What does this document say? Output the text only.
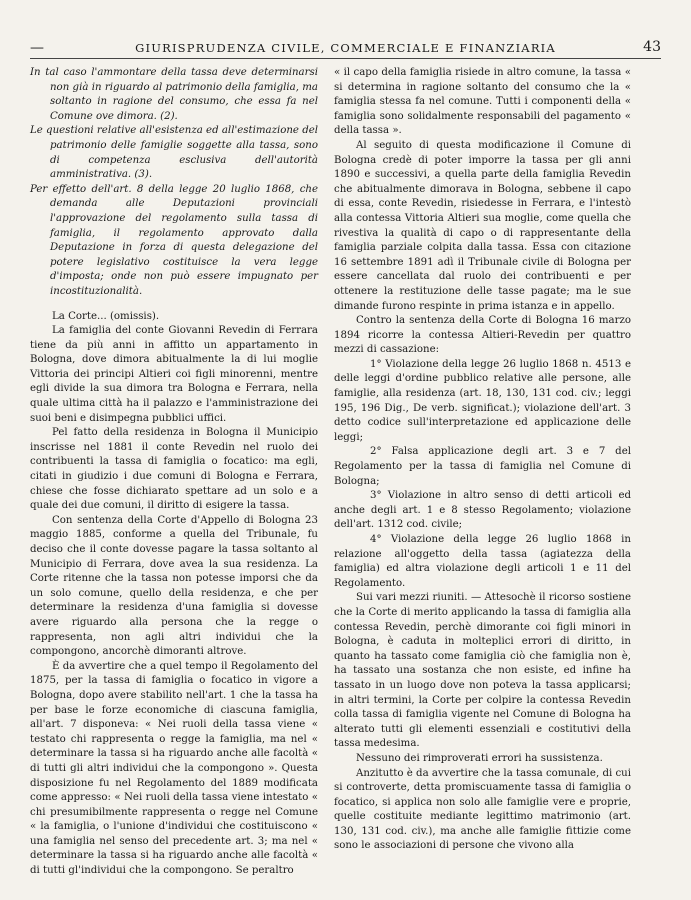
—	GIURISPRUDENZA CIVILE, COMMERCIALE E FINANZIARIA	43

In tal caso l'ammontare della tassa deve determinarsi non già in riguardo al patrimonio della famiglia, ma soltanto in ragione del consumo, che essa fa nel Comune ove dimora. (2).

Le questioni relative all'esistenza ed all'estimazione del patrimonio delle famiglie soggette alla tassa, sono di competenza esclusiva dell'autorità amministrativa. (3).

Per effetto dell'art. 8 della legge 20 luglio 1868, che demanda alle Deputazioni provinciali l'approvazione del regolamento sulla tassa di famiglia, il regolamento approvato dalla Deputazione in forza di questa delegazione del potere legislativo costituisce la vera legge d'imposta; onde non può essere impugnato per incostituzionalità.

La Corte... (omissis).

La famiglia del conte Giovanni Revedin di Ferrara tiene da più anni in affitto un appartamento in Bologna, dove dimora abitualmente la di lui moglie Vittoria dei principi Altieri coi figli minorenni, mentre egli divide la sua dimora tra Bologna e Ferrara, nella quale ultima città ha il palazzo e l'amministrazione dei suoi beni e disimpegna pubblici uffici.

Pel fatto della residenza in Bologna il Municipio inscrisse nel 1881 il conte Revedin nel ruolo dei contribuenti la tassa di famiglia o focatico: ma egli, citati in giudizio i due comuni di Bologna e Ferrara, chiese che fosse dichiarato spettare ad un solo e a quale dei due comuni, il diritto di esigere la tassa.

Con sentenza della Corte d'Appello di Bologna 23 maggio 1885, conforme a quella del Tribunale, fu deciso che il conte dovesse pagare la tassa soltanto al Municipio di Ferrara, dove avea la sua residenza. La Corte ritenne che la tassa non potesse imporsi che da un solo comune, quello della residenza, e che per determinare la residenza d'una famiglia si dovesse avere riguardo alla persona che la regge o rappresenta, non agli altri individui che la compongono, ancorchè dimoranti altrove.

È da avvertire che a quel tempo il Regolamento del 1875, per la tassa di famiglia o focatico in vigore a Bologna, dopo avere stabilito nell'art. 1 che la tassa ha per base le forze economiche di ciascuna famiglia, all'art. 7 disponeva: « Nei ruoli della tassa viene « testato chi rappresenta o regge la famiglia, ma nel « determinare la tassa si ha riguardo anche alle facoltà « di tutti gli altri individui che la compongono ». Questa disposizione fu nel Regolamento del 1889 modificata come appresso: « Nei ruoli della tassa viene intestato « chi presumibilmente rappresenta o regge nel Comune « la famiglia, o l'unione d'individui che costituiscono « una famiglia nel senso del precedente art. 3; ma nel « determinare la tassa si ha riguardo anche alle facoltà « di tutti gl'individui che la compongono. Se peraltro

« il capo della famiglia risiede in altro comune, la tassa « si determina in ragione soltanto del consumo che la « famiglia stessa fa nel comune. Tutti i componenti della « famiglia sono solidalmente responsabili del pagamento « della tassa ».

Al seguito di questa modificazione il Comune di Bologna credè di poter imporre la tassa per gli anni 1890 e successivi, a quella parte della famiglia Revedin che abitualmente dimorava in Bologna, sebbene il capo di essa, conte Revedin, risiedesse in Ferrara, e l'intestò alla contessa Vittoria Altieri sua moglie, come quella che rivestiva la qualità di capo o di rappresentante della famiglia parziale colpita dalla tassa. Essa con citazione 16 settembre 1891 adì il Tribunale civile di Bologna per essere cancellata dal ruolo dei contribuenti e per ottenere la restituzione delle tasse pagate; ma le sue dimande furono respinte in prima istanza e in appello.

Contro la sentenza della Corte di Bologna 16 marzo 1894 ricorre la contessa Altieri-Revedin per quattro mezzi di cassazione:

1° Violazione della legge 26 luglio 1868 n. 4513 e delle leggi d'ordine pubblico relative alle persone, alle famiglie, alla residenza (art. 18, 130, 131 cod. civ.; leggi 195, 196 Dig., De verb. significat.); violazione dell'art. 3 detto codice sull'interpretazione ed applicazione delle leggi;

2° Falsa applicazione degli art. 3 e 7 del Regolamento per la tassa di famiglia nel Comune di Bologna;

3° Violazione in altro senso di detti articoli ed anche degli art. 1 e 8 stesso Regolamento; violazione dell'art. 1312 cod. civile;

4° Violazione della legge 26 luglio 1868 in relazione all'oggetto della tassa (agiatezza della famiglia) ed altra violazione degli articoli 1 e 11 del Regolamento.

Sui vari mezzi riuniti. — Attesochè il ricorso sostiene che la Corte di merito applicando la tassa di famiglia alla contessa Revedin, perchè dimorante coi figli minori in Bologna, è caduta in molteplici errori di diritto, in quanto ha tassato come famiglia ciò che famiglia non è, ha tassato una sostanza che non esiste, ed infine ha tassato in un luogo dove non poteva la tassa applicarsi; in altri termini, la Corte per colpire la contessa Revedin colla tassa di famiglia vigente nel Comune di Bologna ha alterato tutti gli elementi essenziali e costitutivi della tassa medesima.

Nessuno dei rimproverati errori ha sussistenza.

Anzitutto è da avvertire che la tassa comunale, di cui si controverte, detta promiscuamente tassa di famiglia o focatico, si applica non solo alle famiglie vere e proprie, quelle costituite mediante legittimo matrimonio (art. 130, 131 cod. civ.), ma anche alle famiglie fittizie come sono le associazioni di persone che vivono alla
